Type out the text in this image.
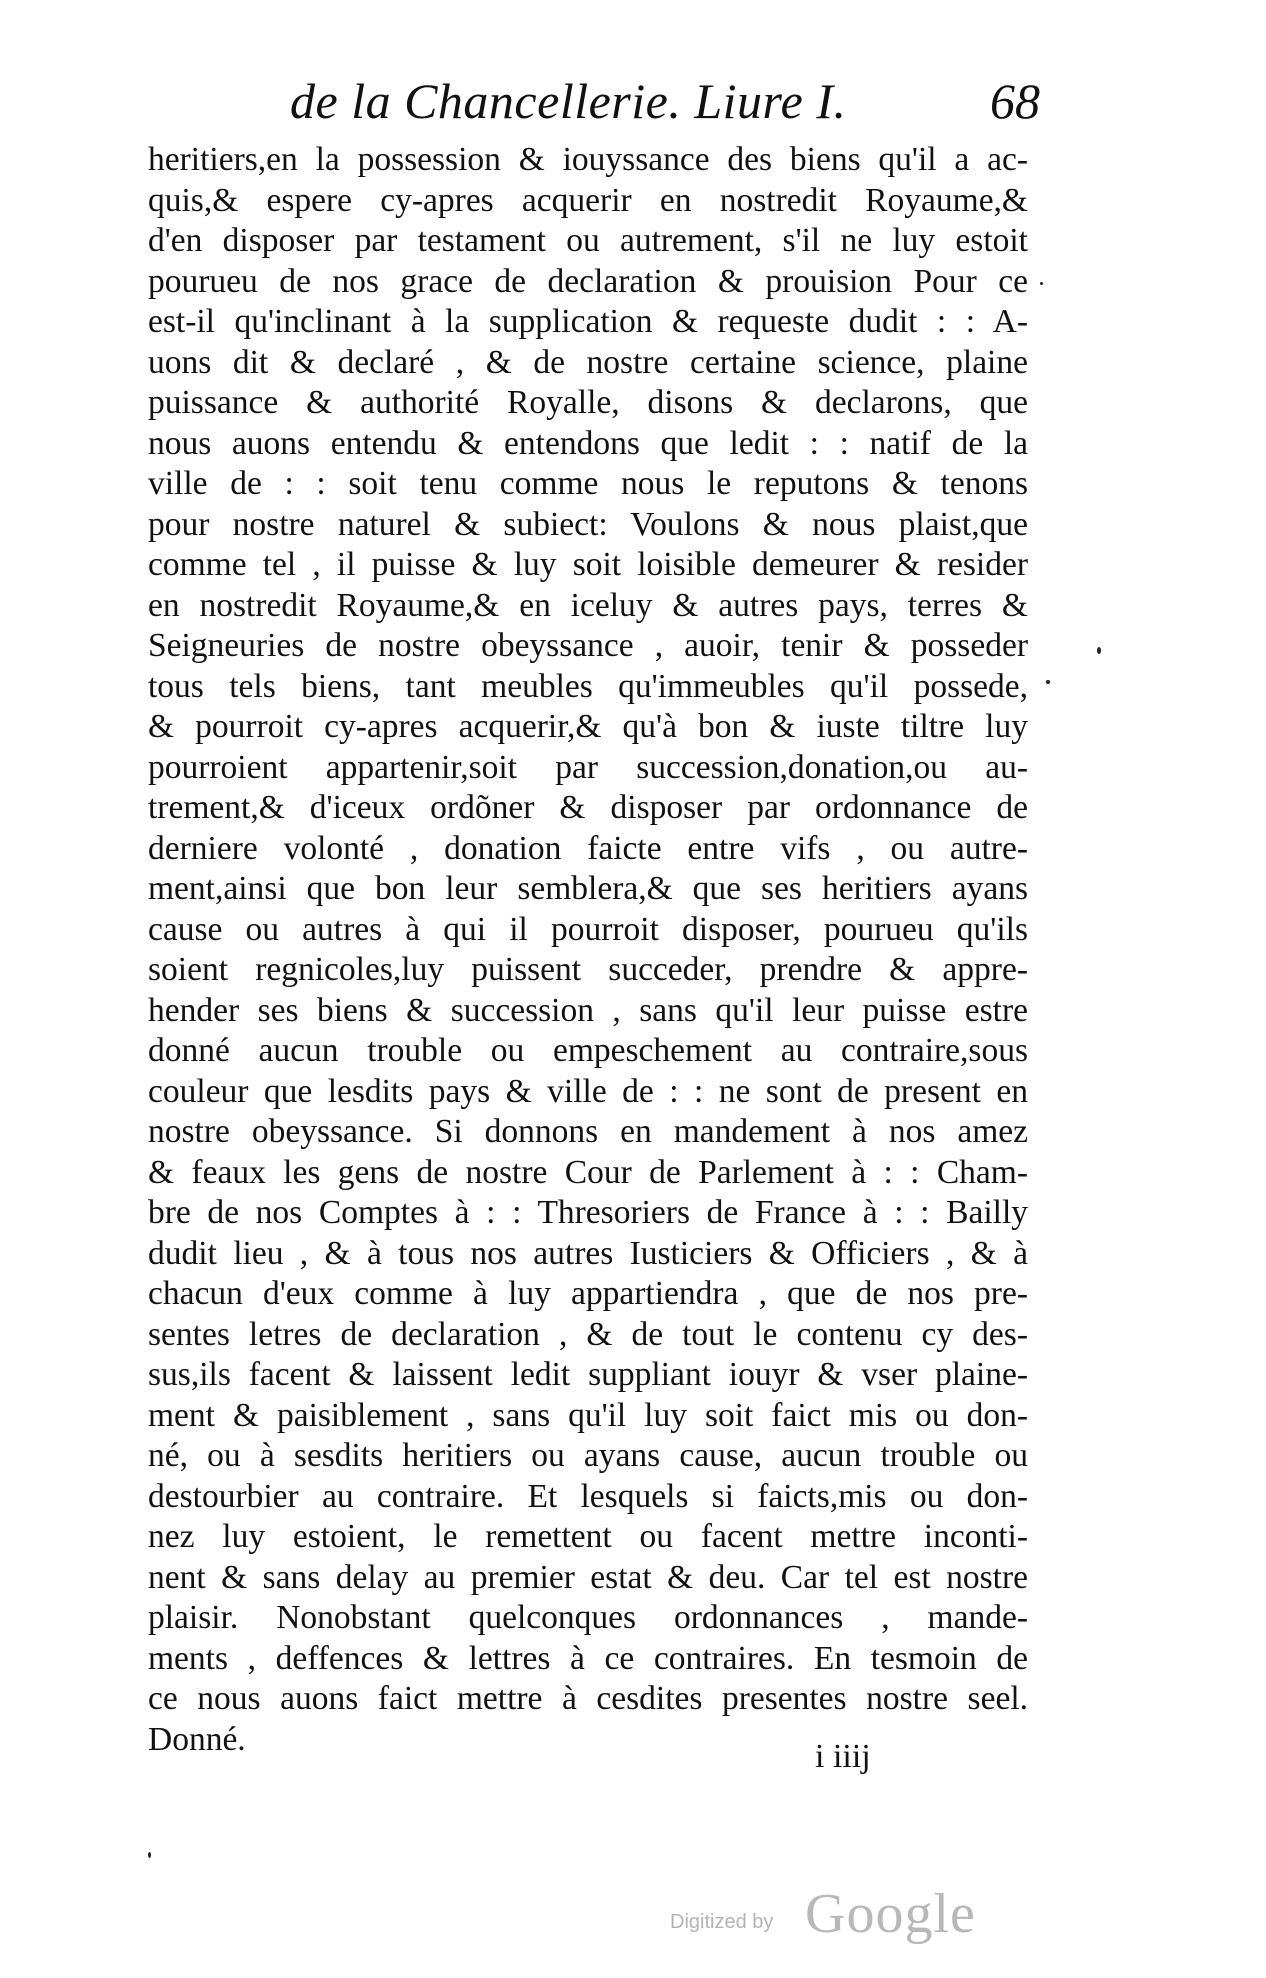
de la Chancellerie. Liure I.	68
heritiers,en la possession & iouyssance des biens qu'il a ac-
quis,& espere cy-apres acquerir en nostredit Royaume,&
d'en disposer par testament ou autrement, s'il ne luy estoit
pourueu de nos grace de declaration & prouision Pour ce
est-il qu'inclinant à la supplication & requeste dudit : : A-
uons dit & declaré , & de nostre certaine science, plaine
puissance & authorité Royalle, disons & declarons, que
nous auons entendu & entendons que ledit : : natif de la
ville de : : soit tenu comme nous le reputons & tenons
pour nostre naturel & subiect: Voulons & nous plaist,que
comme tel , il puisse & luy soit loisible demeurer & resider
en nostredit Royaume,& en iceluy & autres pays, terres &
Seigneuries de nostre obeyssance , auoir, tenir & posseder
tous tels biens, tant meubles qu'immeubles qu'il possede,
& pourroit cy-apres acquerir,& qu'à bon & iuste tiltre luy
pourroient appartenir,soit par succession,donation,ou au-
trement,& d'iceux ordõner & disposer par ordonnance de
derniere volonté , donation faicte entre vifs , ou autre-
ment,ainsi que bon leur semblera,& que ses heritiers ayans
cause ou autres à qui il pourroit disposer, pourueu qu'ils
soient regnicoles,luy puissent succeder, prendre & appre-
hender ses biens & succession , sans qu'il leur puisse estre
donné aucun trouble ou empeschement au contraire,sous
couleur que lesdits pays & ville de : : ne sont de present en
nostre obeyssance. Si donnons en mandement à nos amez
& feaux les gens de nostre Cour de Parlement à : : Cham-
bre de nos Comptes à : : Thresoriers de France à : : Bailly
dudit lieu , & à tous nos autres Iusticiers & Officiers , & à
chacun d'eux comme à luy appartiendra , que de nos pre-
sentes letres de declaration , & de tout le contenu cy des-
sus,ils facent & laissent ledit suppliant iouyr & vser plaine-
ment & paisiblement , sans qu'il luy soit faict mis ou don-
né, ou à sesdits heritiers ou ayans cause, aucun trouble ou
destourbier au contraire. Et lesquels si faicts,mis ou don-
nez luy estoient, le remettent ou facent mettre inconti-
nent & sans delay au premier estat & deu. Car tel est nostre
plaisir. Nonobstant quelconques ordonnances , mande-
ments , deffences & lettres à ce contraires. En tesmoin de
ce nous auons faict mettre à cesdites presentes nostre seel.
Donné.	i iiij
Digitized by Google
